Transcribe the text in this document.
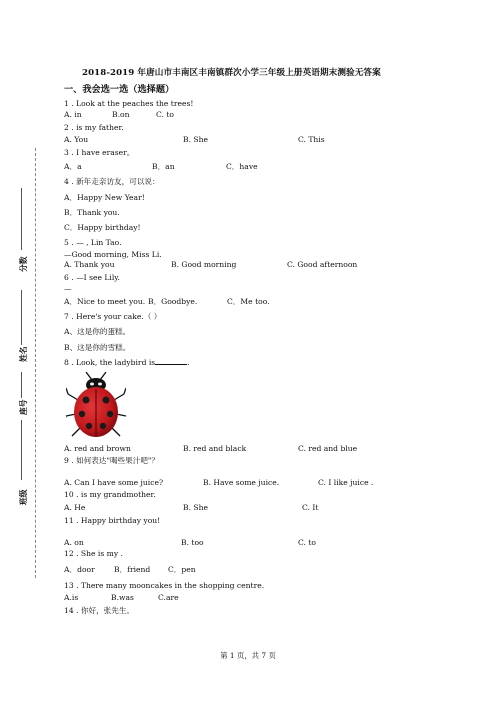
分数
姓名
座号
班级
2018-2019 年唐山市丰南区丰南镇群次小学三年级上册英语期末测验无答案
一、我会选一选（选择题）
1 . Look at the peaches the trees!
A. in	B.on	C. to
2 . is my father.
A. You	B. She	C. This
3 . I have eraser。
A．a	B．an	C．have
4 . 新年走亲访友，可以说：
A．Happy New Year!
B．Thank you.
C．Happy birthday!
5 . — , Lin Tao.
—Good morning, Miss Li.
A. Thank you	B. Good morning	C. Good afternoon
6 . —I see Lily.
—
A．Nice to meet you. B．Goodbye.	C．Me too.
7 . Here's your cake.（ ）
A、这是你的蛋糕。
B、这是你的雪糕。
8 . Look, the ladybird is	.
A. red and brown	B. red and black	C. red and blue
9 . 如何表达"喝些果汁吧"？
A. Can I have some juice?	B. Have some juice.	C. I like juice .
10 . is my grandmother.
A. He	B. She	C. It
11 . Happy birthday you!
A. on	B. too	C. to
12 . She is my .
A．door	B．friend C．pen
13 . There many mooncakes in the shopping centre.
A.is	B.was	C.are
14 . 你好，张先生。
第 1 页，共 7 页
